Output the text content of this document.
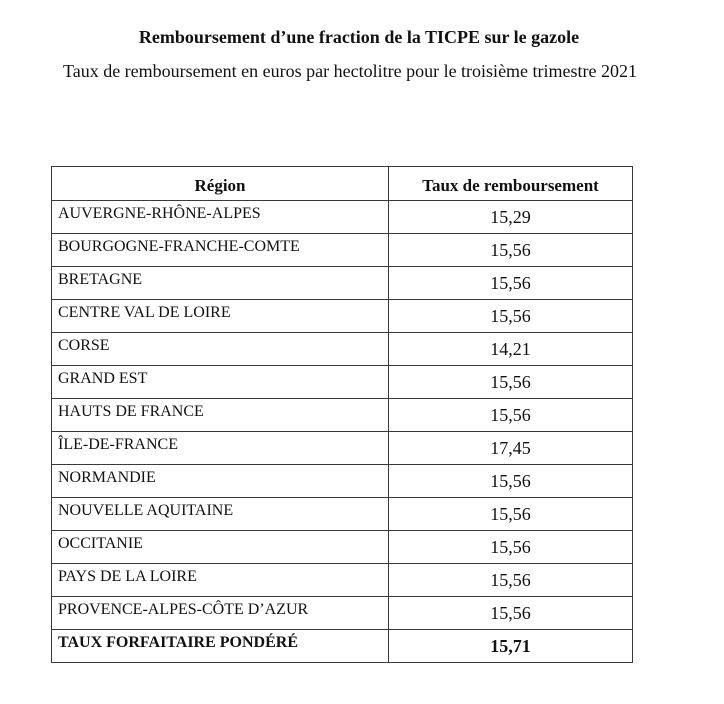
Remboursement d’une fraction de la TICPE sur le gazole
Taux de remboursement en euros par hectolitre pour le troisième trimestre 2021
Région	Taux de remboursement
AUVERGNE-RHÔNE-ALPES	15,29
BOURGOGNE-FRANCHE-COMTE	15,56
BRETAGNE	15,56
CENTRE VAL DE LOIRE	15,56
CORSE	14,21
GRAND EST	15,56
HAUTS DE FRANCE	15,56
ÎLE-DE-FRANCE	17,45
NORMANDIE	15,56
NOUVELLE AQUITAINE	15,56
OCCITANIE	15,56
PAYS DE LA LOIRE	15,56
PROVENCE-ALPES-CÔTE D’AZUR	15,56
TAUX FORFAITAIRE PONDÉRÉ	15,71
